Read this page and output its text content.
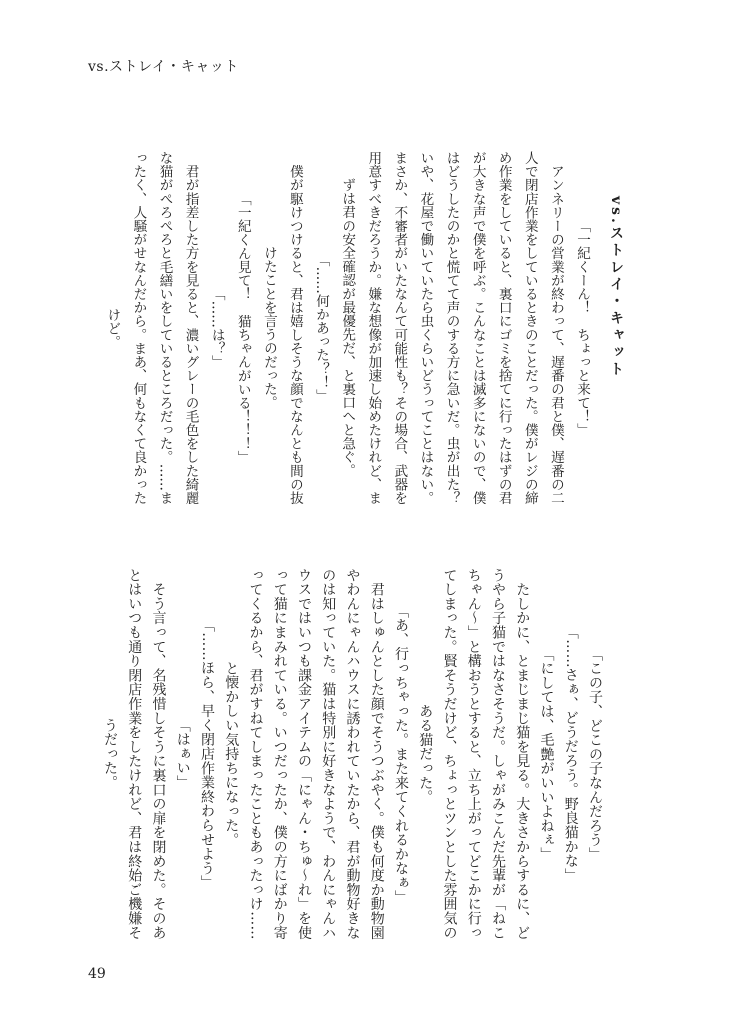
vs.ストレイ・キャット
vs.ストレイ・キャット
「一紀くーん！　ちょっと来て！」
　アンネリーの営業が終わって、遅番の君と僕、遅番の二
人で閉店作業をしているときのことだった。僕がレジの締
め作業をしていると、裏口にゴミを捨てに行ったはずの君
が大きな声で僕を呼ぶ。こんなことは滅多にないので、僕
はどうしたのかと慌てて声のする方に急いだ。虫が出た？
いや、花屋で働いていたら虫くらいどうってことはない。
まさか、不審者がいたなんて可能性も？その場合、武器を
用意すべきだろうか。嫌な想像が加速し始めたけれど、ま
ずは君の安全確認が最優先だ、と裏口へと急ぐ。
「……何かあった？！」
　僕が駆けつけると、君は嬉しそうな顔でなんとも間の抜
けたことを言うのだった。
「一紀くん見て！　猫ちゃんがいる！！！」
「……は？」
　君が指差した方を見ると、濃いグレーの毛色をした綺麗
な猫がぺろぺろと毛繕いをしているところだった。……ま
ったく、人騒がせなんだから。まあ、何もなくて良かった
けど。
「この子、どこの子なんだろう」
「……さぁ、どうだろう。野良猫かな」
「にしては、毛艶がいいよねぇ」
　たしかに、とまじまじ猫を見る。大きさからするに、ど
うやら子猫ではなさそうだ。しゃがみこんだ先輩が「ねこ
ちゃん～」と構おうとすると、立ち上がってどこかに行っ
てしまった。賢そうだけど、ちょっとツンとした雰囲気の
ある猫だった。
「あ、行っちゃった。また来てくれるかなぁ」
　君はしゅんとした顔でそうつぶやく。僕も何度か動物園
やわんにゃんハウスに誘われていたから、君が動物好きな
のは知っていた。猫は特別に好きなようで、わんにゃんハ
ウスではいつも課金アイテムの「にゃん・ちゅ～れ」を使
って猫にまみれている。いつだったか、僕の方にばかり寄
ってくるから、君がすねてしまったこともあったっけ……
と懐かしい気持ちになった。
「……ほら、早く閉店作業終わらせよう」
「はぁい」
　そう言って、名残惜しそうに裏口の扉を閉めた。そのあ
とはいつも通り閉店作業をしたけれど、君は終始ご機嫌そ
うだった。
49
